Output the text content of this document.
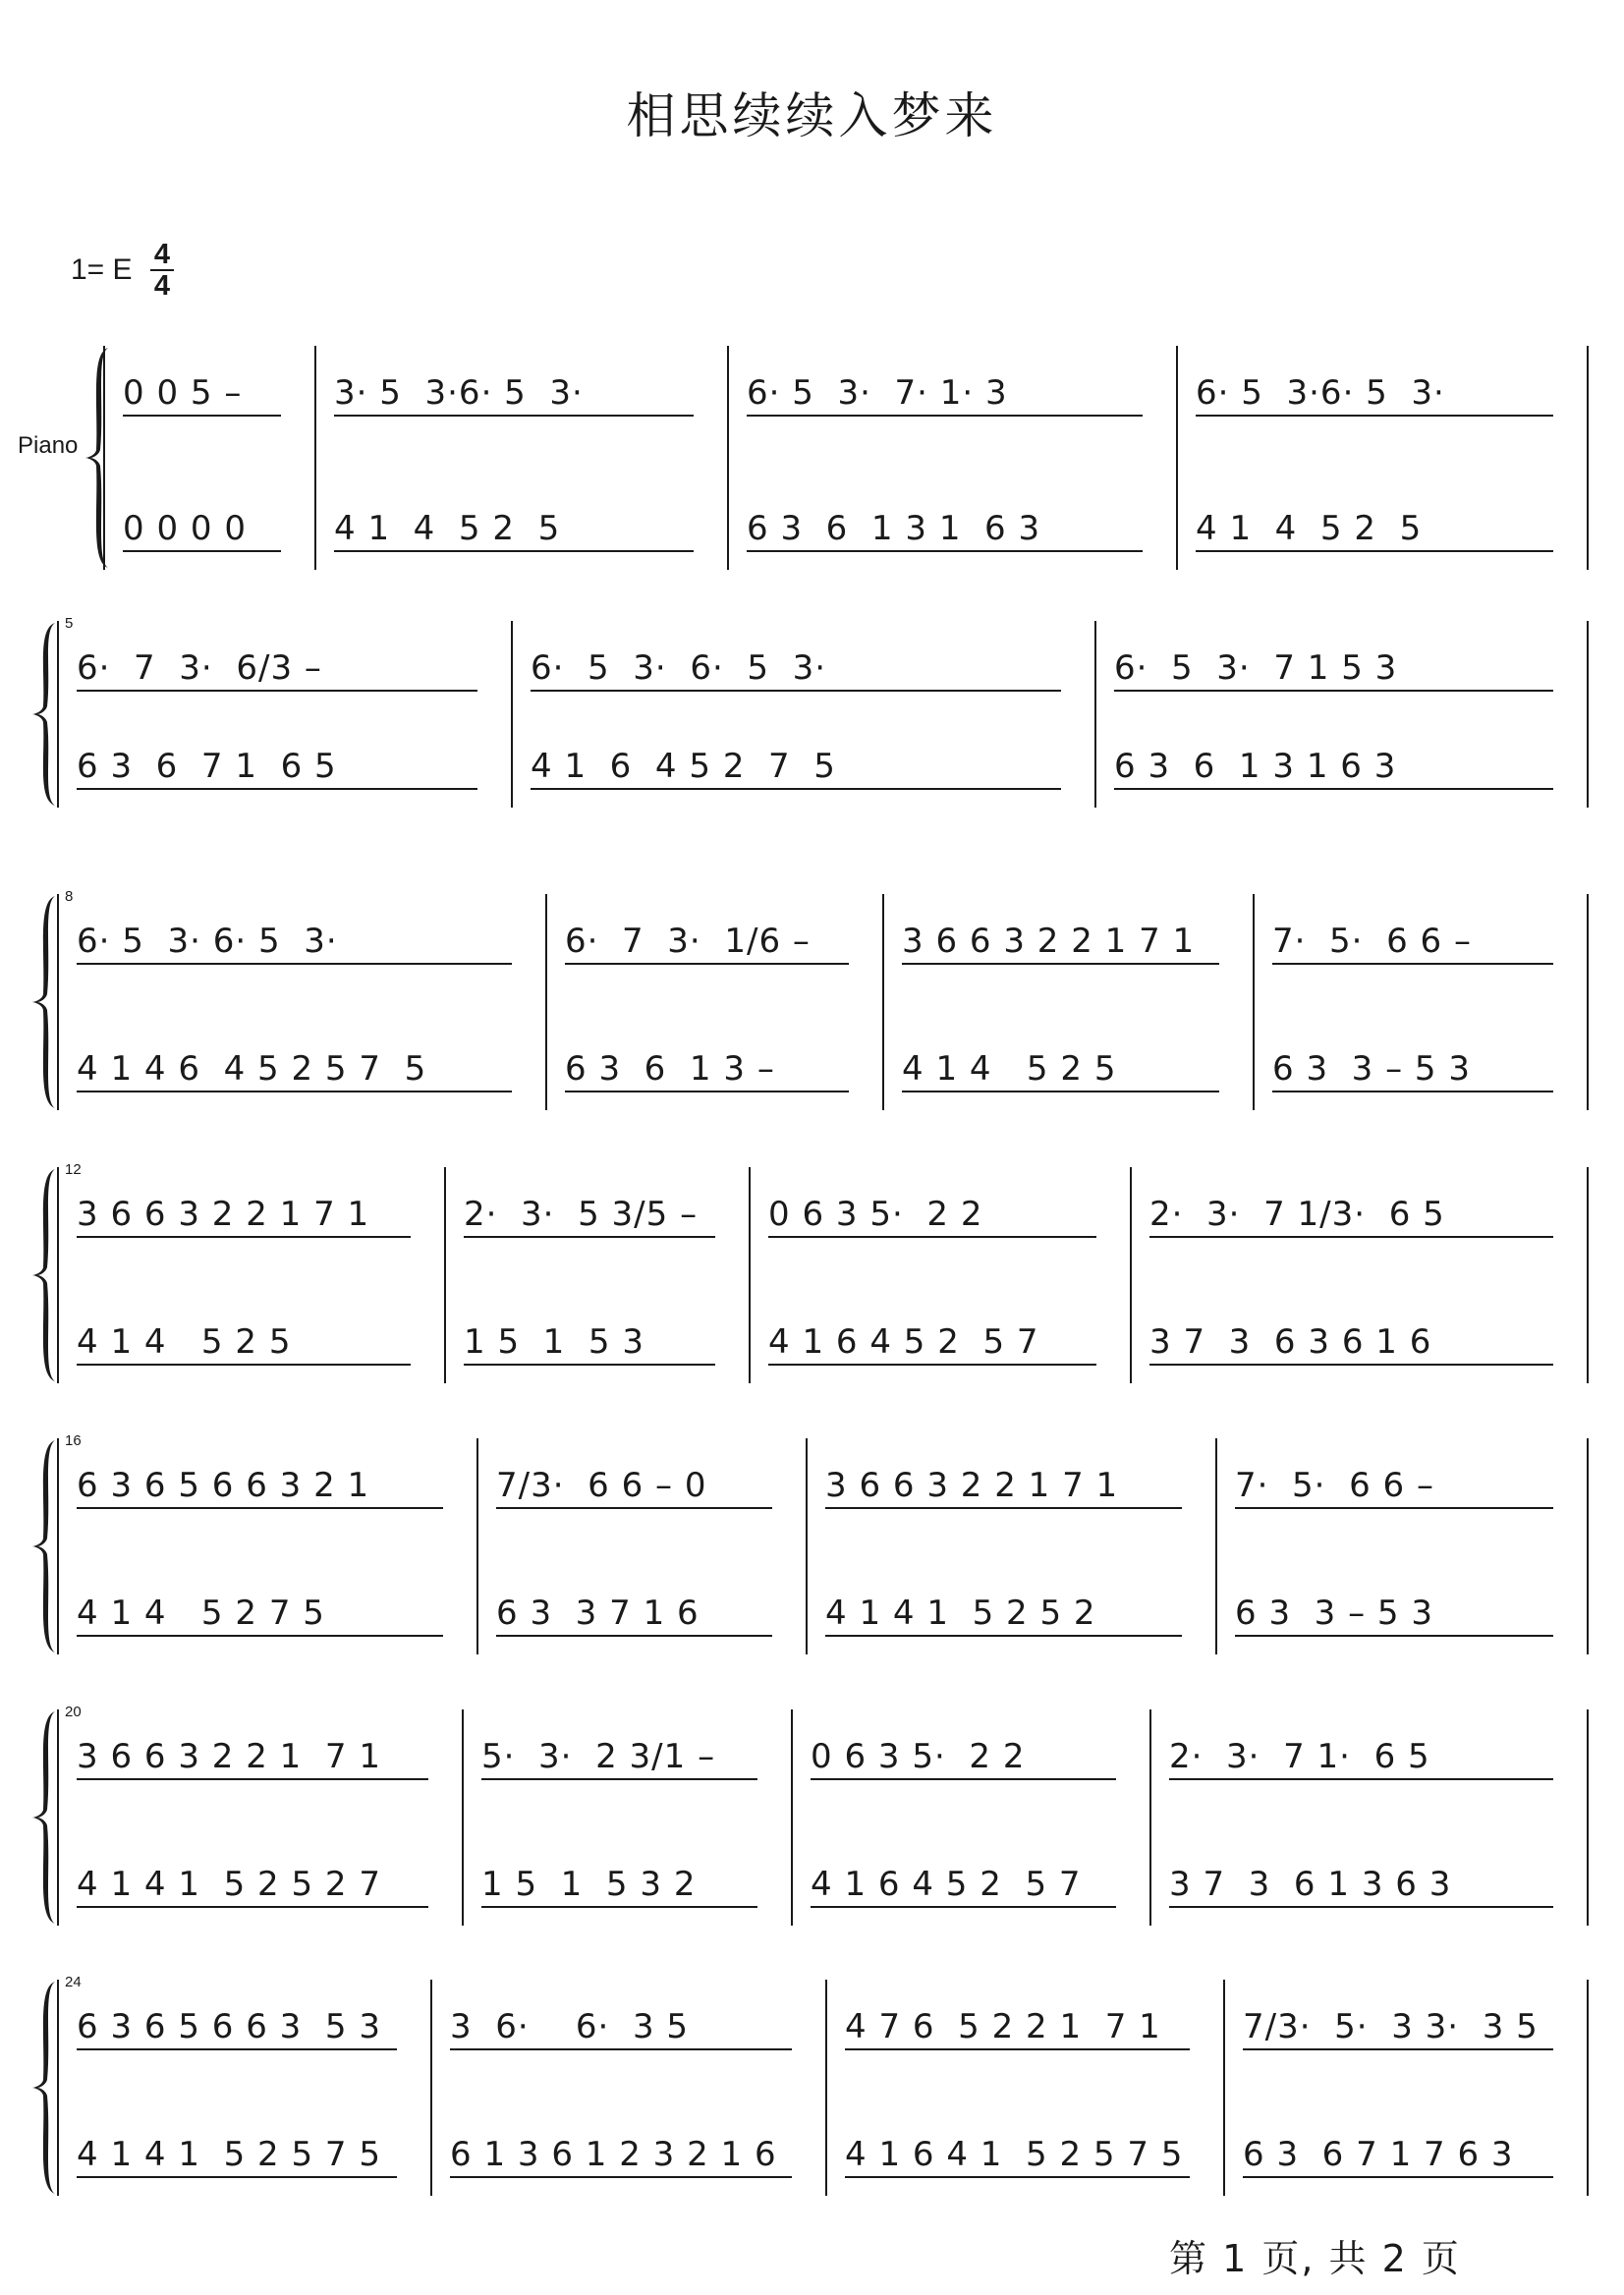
相思续续入梦来
1= E 4
4
Piano
0 0 5 –
0 0 0 0
3· 5  3·6· 5  3·
4 1  4  5 2  5
6· 5  3·  7· 1· 3
6 3  6  1 3 1  6 3
6· 5  3·6· 5  3·
4 1  4  5 2  5
5
6·  7  3·  6/3 –
6 3  6  7 1  6 5
6·  5  3·  6·  5  3·
4 1  6  4 5 2  7  5
6·  5  3·  7 1 5 3
6 3  6  1 3 1 6 3
8
6· 5  3· 6· 5  3·
4 1 4 6  4 5 2 5 7  5
6·  7  3·  1/6 –
6 3  6  1 3 –
3 6 6 3 2 2 1 7 1
4 1 4   5 2 5
7·  5·  6 6 –
6 3  3 – 5 3
12
3 6 6 3 2 2 1 7 1
4 1 4   5 2 5
2·  3·  5 3/5 –
1 5  1  5 3
0 6 3 5·  2 2
4 1 6 4 5 2  5 7
2·  3·  7 1/3·  6 5
3 7  3  6 3 6 1 6
16
6 3 6 5 6 6 3 2 1
4 1 4   5 2 7 5
7/3·  6 6 – 0
6 3  3 7 1 6
3 6 6 3 2 2 1 7 1
4 1 4 1  5 2 5 2
7·  5·  6 6 –
6 3  3 – 5 3
20
3 6 6 3 2 2 1  7 1
4 1 4 1  5 2 5 2 7
5·  3·  2 3/1 –
1 5  1  5 3 2
0 6 3 5·  2 2
4 1 6 4 5 2  5 7
2·  3·  7 1·  6 5
3 7  3  6 1 3 6 3
24
6 3 6 5 6 6 3  5 3
4 1 4 1  5 2 5 7 5
3  6·    6·  3 5
6 1 3 6 1 2 3 2 1 6
4 7 6  5 2 2 1  7 1
4 1 6 4 1  5 2 5 7 5
7/3·  5·  3 3·  3 5
6 3  6 7 1 7 6 3
第 1 页, 共 2 页
